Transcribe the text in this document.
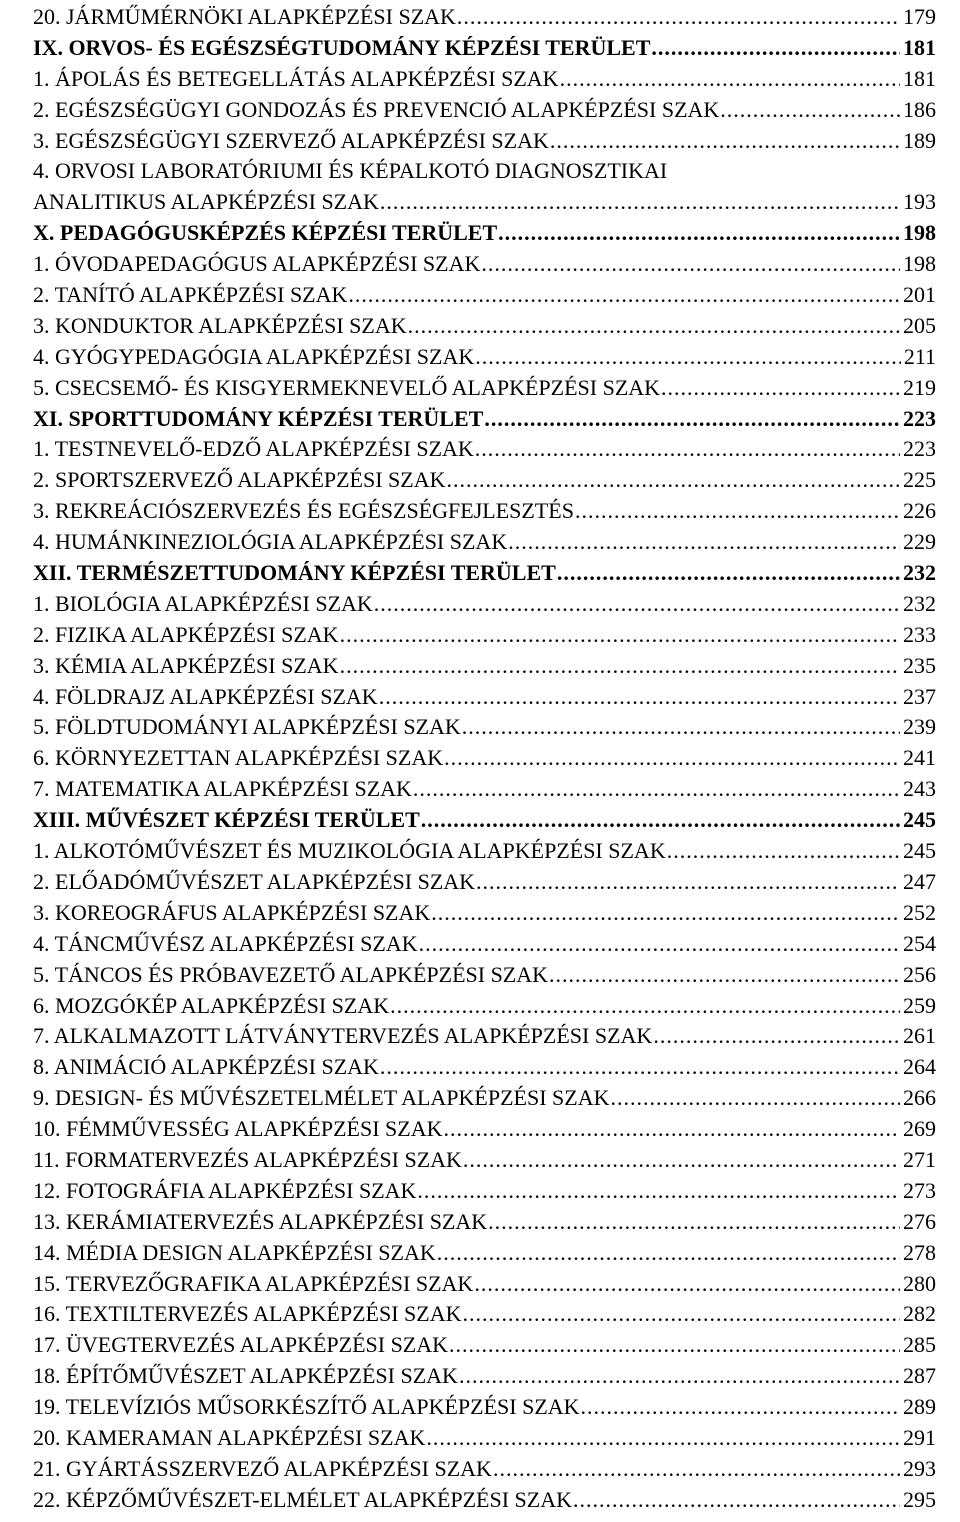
20. JÁRMŰMÉRNÖKI ALAPKÉPZÉSI SZAK .....	179
IX. ORVOS- ÉS EGÉSZSÉGTUDOMÁNY KÉPZÉSI TERÜLET .....	181
1. ÁPOLÁS ÉS BETEGELLÁTÁS ALAPKÉPZÉSI SZAK .....	181
2. EGÉSZSÉGÜGYI GONDOZÁS ÉS PREVENCIÓ ALAPKÉPZÉSI SZAK .....	186
3. EGÉSZSÉGÜGYI SZERVEZŐ ALAPKÉPZÉSI SZAK .....	189
4. ORVOSI LABORATÓRIUMI ÉS KÉPALKOTÓ DIAGNOSZTIKAI
ANALITIKUS ALAPKÉPZÉSI SZAK .....	193
X. PEDAGÓGUSKÉPZÉS KÉPZÉSI TERÜLET .....	198
1. ÓVODAPEDAGÓGUS ALAPKÉPZÉSI SZAK .....	198
2. TANÍTÓ ALAPKÉPZÉSI SZAK .....	201
3. KONDUKTOR ALAPKÉPZÉSI SZAK .....	205
4. GYÓGYPEDAGÓGIA ALAPKÉPZÉSI SZAK .....	211
5. CSECSEMŐ- ÉS KISGYERMEKNEVELŐ ALAPKÉPZÉSI SZAK .....	219
XI. SPORTTUDOMÁNY KÉPZÉSI TERÜLET .....	223
1. TESTNEVELŐ-EDZŐ ALAPKÉPZÉSI SZAK .....	223
2. SPORTSZERVEZŐ ALAPKÉPZÉSI SZAK .....	225
3. REKREÁCIÓSZERVEZÉS ÉS EGÉSZSÉGFEJLESZTÉS .....	226
4. HUMÁNKINEZIOLÓGIA ALAPKÉPZÉSI SZAK .....	229
XII. TERMÉSZETTUDOMÁNY KÉPZÉSI TERÜLET .....	232
1. BIOLÓGIA ALAPKÉPZÉSI SZAK .....	232
2. FIZIKA ALAPKÉPZÉSI SZAK .....	233
3. KÉMIA ALAPKÉPZÉSI SZAK .....	235
4. FÖLDRAJZ ALAPKÉPZÉSI SZAK .....	237
5. FÖLDTUDOMÁNYI ALAPKÉPZÉSI SZAK .....	239
6. KÖRNYEZETTAN ALAPKÉPZÉSI SZAK .....	241
7. MATEMATIKA ALAPKÉPZÉSI SZAK .....	243
XIII. MŰVÉSZET KÉPZÉSI TERÜLET .....	245
1. ALKOTÓMŰVÉSZET ÉS MUZIKOLÓGIA ALAPKÉPZÉSI SZAK .....	245
2. ELŐADÓMŰVÉSZET ALAPKÉPZÉSI SZAK .....	247
3. KOREOGRÁFUS ALAPKÉPZÉSI SZAK .....	252
4. TÁNCMŰVÉSZ ALAPKÉPZÉSI SZAK .....	254
5. TÁNCOS ÉS PRÓBAVEZETŐ ALAPKÉPZÉSI SZAK .....	256
6. MOZGÓKÉP ALAPKÉPZÉSI SZAK .....	259
7. ALKALMAZOTT LÁTVÁNYTERVEZÉS ALAPKÉPZÉSI SZAK .....	261
8. ANIMÁCIÓ ALAPKÉPZÉSI SZAK .....	264
9. DESIGN- ÉS MŰVÉSZETELMÉLET ALAPKÉPZÉSI SZAK .....	266
10. FÉMMŰVESSÉG ALAPKÉPZÉSI SZAK .....	269
11. FORMATERVEZÉS ALAPKÉPZÉSI SZAK .....	271
12. FOTOGRÁFIA ALAPKÉPZÉSI SZAK .....	273
13. KERÁMIATERVEZÉS ALAPKÉPZÉSI SZAK .....	276
14. MÉDIA DESIGN ALAPKÉPZÉSI SZAK .....	278
15. TERVEZŐGRAFIKA ALAPKÉPZÉSI SZAK .....	280
16. TEXTILTERVEZÉS ALAPKÉPZÉSI SZAK .....	282
17. ÜVEGTERVEZÉS ALAPKÉPZÉSI SZAK .....	285
18. ÉPÍTŐMŰVÉSZET ALAPKÉPZÉSI SZAK .....	287
19. TELEVÍZIÓS MŰSORKÉSZÍTŐ ALAPKÉPZÉSI SZAK .....	289
20. KAMERAMAN ALAPKÉPZÉSI SZAK .....	291
21. GYÁRTÁSSZERVEZŐ ALAPKÉPZÉSI SZAK .....	293
22. KÉPZŐMŰVÉSZET-ELMÉLET ALAPKÉPZÉSI SZAK .....	295
